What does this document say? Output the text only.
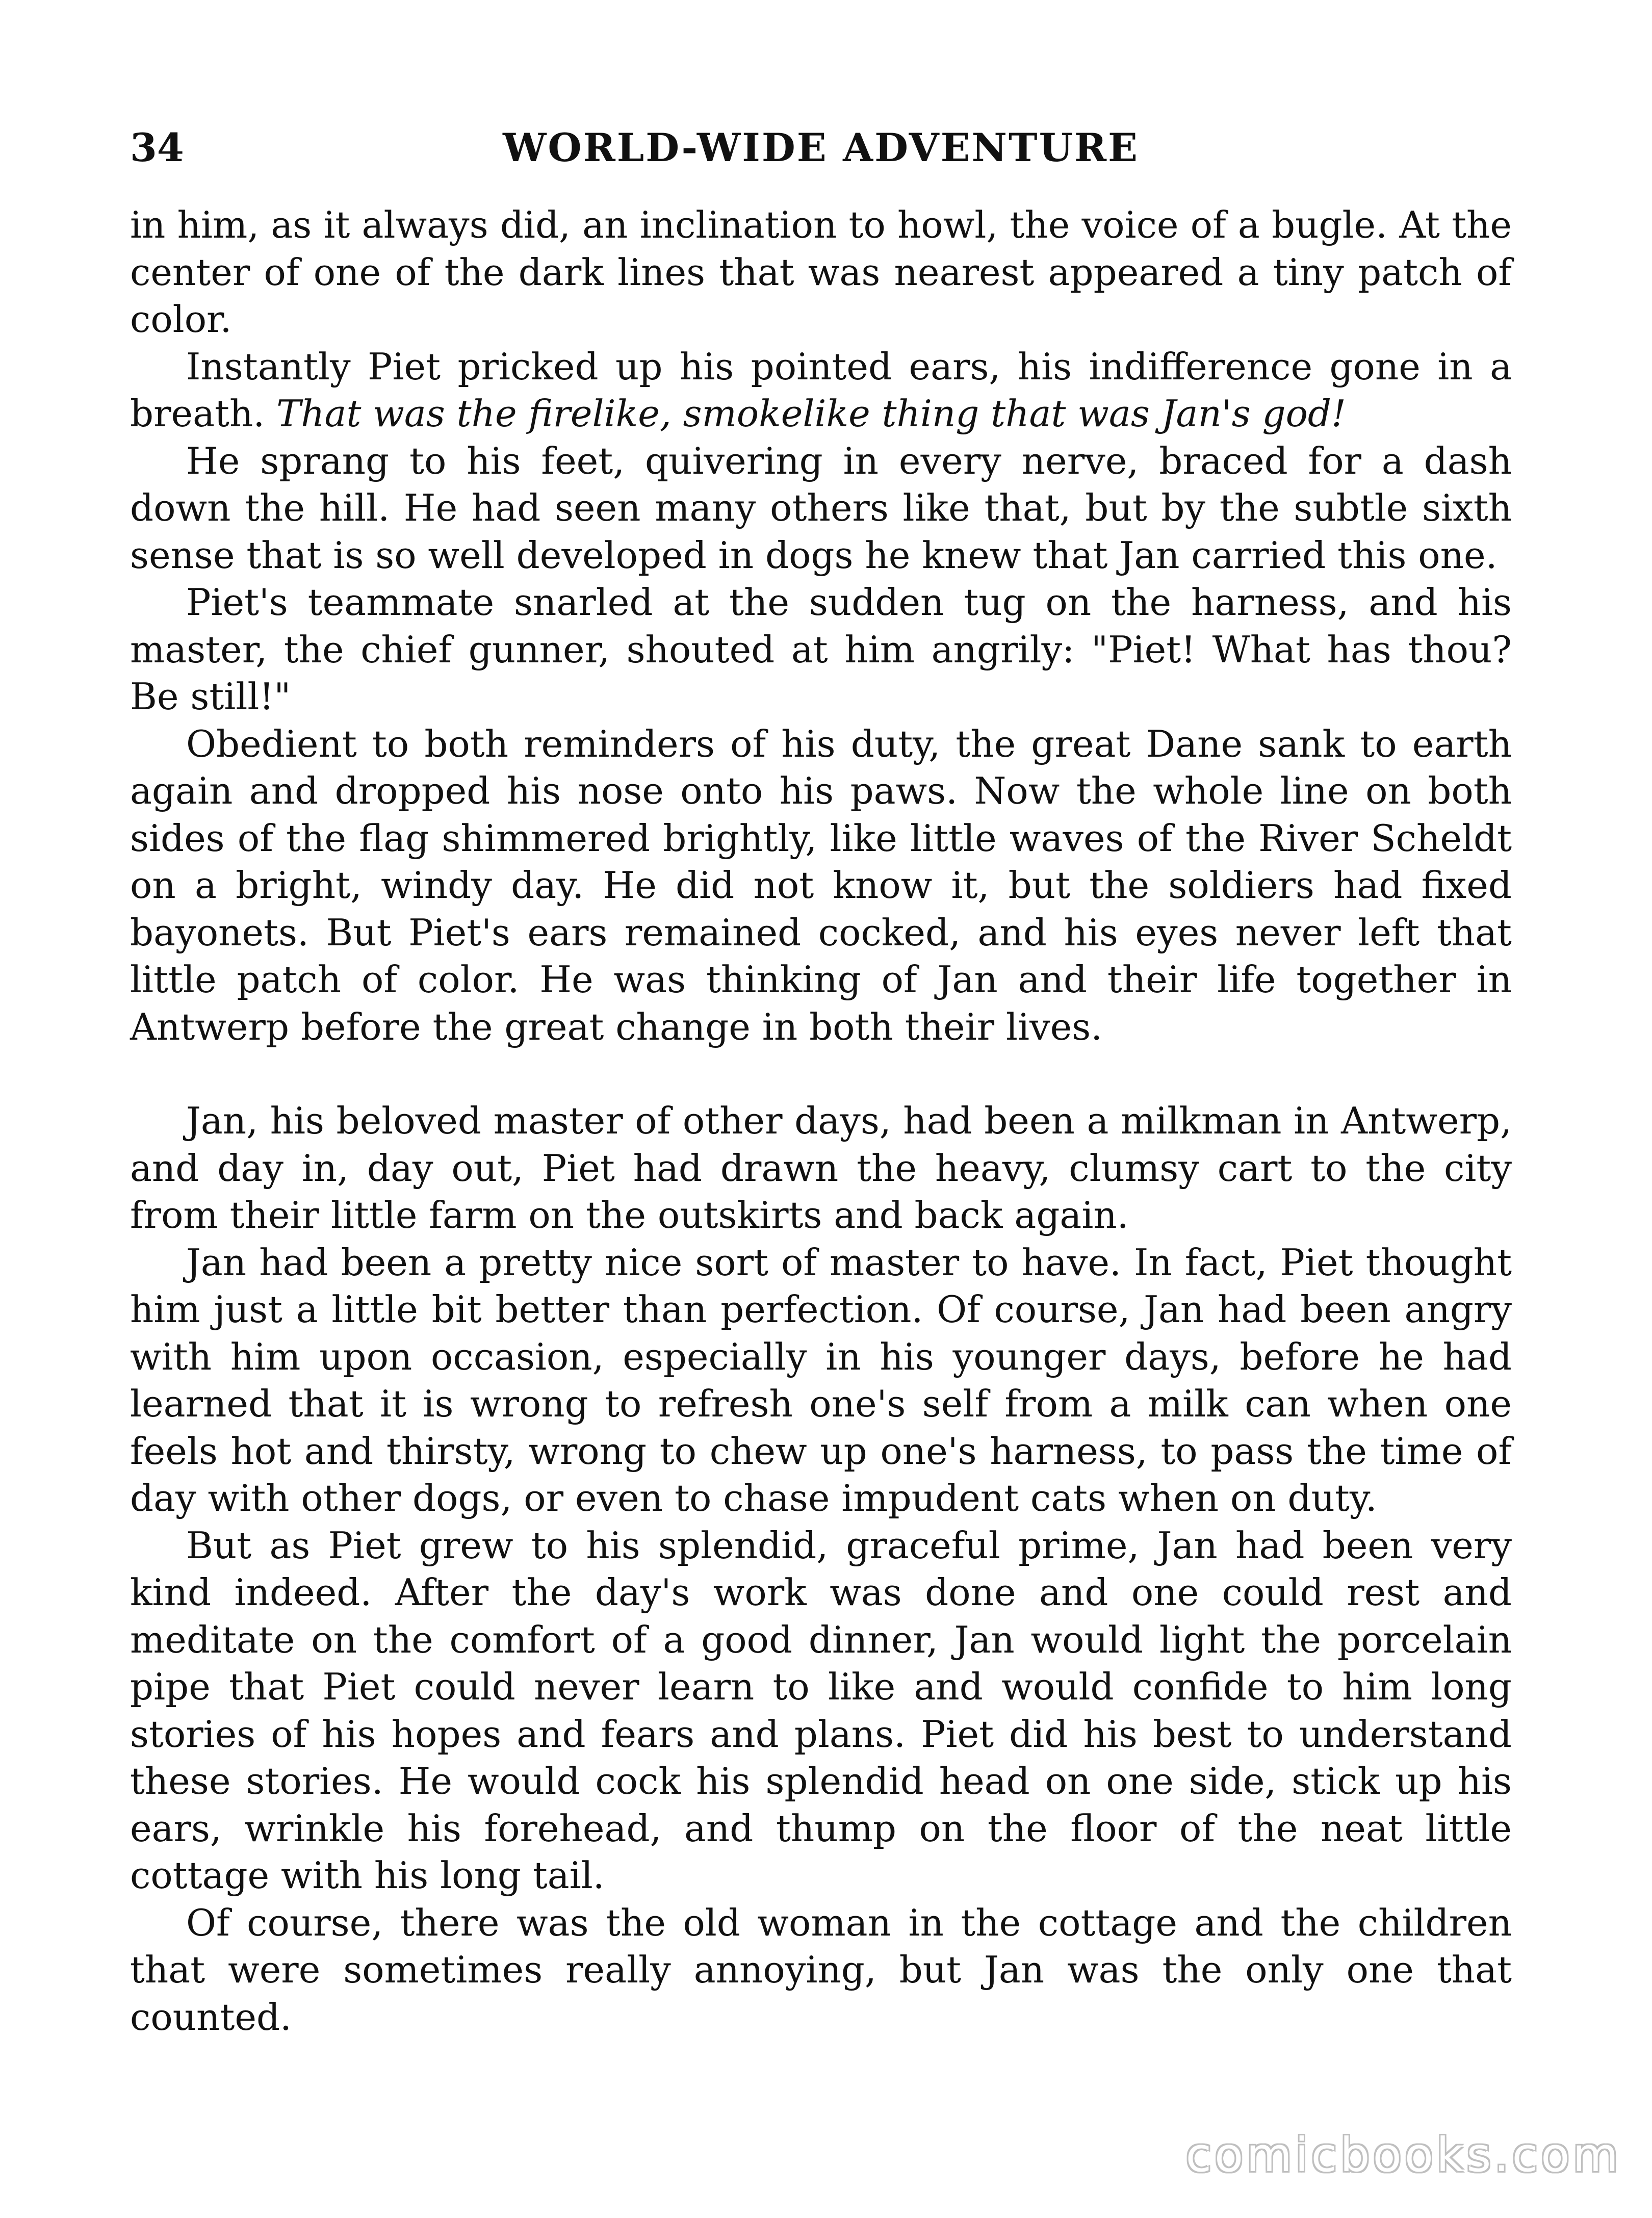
34	WORLD-WIDE ADVENTURE

in him, as it always did, an inclination to howl, the voice of a bugle. At the center of one of the dark lines that was nearest appeared a tiny patch of color.

Instantly Piet pricked up his pointed ears, his indifference gone in a breath. That was the firelike, smokelike thing that was Jan's god!

He sprang to his feet, quivering in every nerve, braced for a dash down the hill. He had seen many others like that, but by the subtle sixth sense that is so well developed in dogs he knew that Jan carried this one.

Piet's teammate snarled at the sudden tug on the harness, and his master, the chief gunner, shouted at him angrily: "Piet! What has thou? Be still!"

Obedient to both reminders of his duty, the great Dane sank to earth again and dropped his nose onto his paws. Now the whole line on both sides of the flag shimmered brightly, like little waves of the River Scheldt on a bright, windy day. He did not know it, but the soldiers had fixed bayonets. But Piet's ears remained cocked, and his eyes never left that little patch of color. He was thinking of Jan and their life together in Antwerp before the great change in both their lives.

Jan, his beloved master of other days, had been a milkman in Antwerp, and day in, day out, Piet had drawn the heavy, clumsy cart to the city from their little farm on the outskirts and back again.

Jan had been a pretty nice sort of master to have. In fact, Piet thought him just a little bit better than perfection. Of course, Jan had been angry with him upon occasion, especially in his younger days, before he had learned that it is wrong to refresh one's self from a milk can when one feels hot and thirsty, wrong to chew up one's harness, to pass the time of day with other dogs, or even to chase impudent cats when on duty.

But as Piet grew to his splendid, graceful prime, Jan had been very kind indeed. After the day's work was done and one could rest and meditate on the comfort of a good dinner, Jan would light the porcelain pipe that Piet could never learn to like and would confide to him long stories of his hopes and fears and plans. Piet did his best to understand these stories. He would cock his splendid head on one side, stick up his ears, wrinkle his forehead, and thump on the floor of the neat little cottage with his long tail.

Of course, there was the old woman in the cottage and the children that were sometimes really annoying, but Jan was the only one that counted.

comicbooks.com
